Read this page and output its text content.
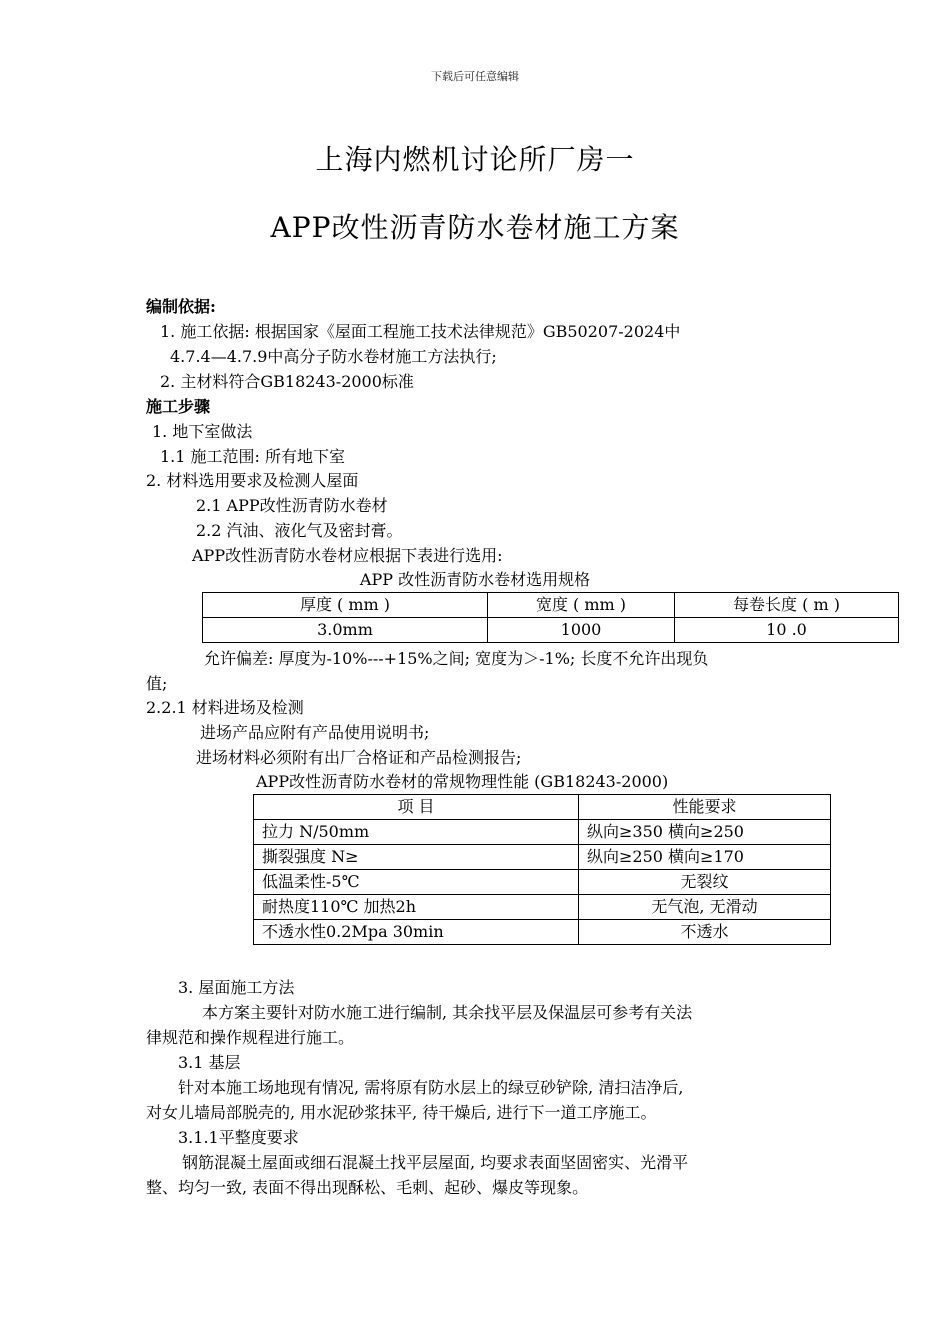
下载后可任意编辑
上海内燃机讨论所厂房一
APP改性沥青防水卷材施工方案
编制依据:
1. 施工依据: 根据国家《屋面工程施工技术法律规范》GB50207-2024中
4.7.4—4.7.9中高分子防水卷材施工方法执行;
2. 主材料符合GB18243-2000标准
施工步骤
1. 地下室做法
1.1 施工范围: 所有地下室
2. 材料选用要求及检测人屋面
2.1 APP改性沥青防水卷材
2.2 汽油、液化气及密封膏。
APP改性沥青防水卷材应根据下表进行选用:
APP 改性沥青防水卷材选用规格
厚度 ( mm )	宽度 ( mm )	每卷长度 ( m )
3.0mm	1000	10 .0
允许偏差: 厚度为-10%---+15%之间; 宽度为＞-1%; 长度不允许出现负
值;
2.2.1 材料进场及检测
进场产品应附有产品使用说明书;
进场材料必须附有出厂合格证和产品检测报告;
APP改性沥青防水卷材的常规物理性能 (GB18243-2000)
项 目	性能要求
拉力 N/50mm	纵向≥350 横向≥250
撕裂强度 N≥	纵向≥250 横向≥170
低温柔性-5℃	无裂纹
耐热度110℃ 加热2h	无气泡, 无滑动
不透水性0.2Mpa 30min	不透水
3. 屋面施工方法
本方案主要针对防水施工进行编制, 其余找平层及保温层可参考有关法
律规范和操作规程进行施工。
3.1 基层
针对本施工场地现有情况, 需将原有防水层上的绿豆砂铲除, 清扫洁净后,
对女儿墙局部脱壳的, 用水泥砂浆抹平, 待干燥后, 进行下一道工序施工。
3.1.1平整度要求
钢筋混凝土屋面或细石混凝土找平层屋面, 均要求表面坚固密实、光滑平
整、均匀一致, 表面不得出现酥松、毛刺、起砂、爆皮等现象。
